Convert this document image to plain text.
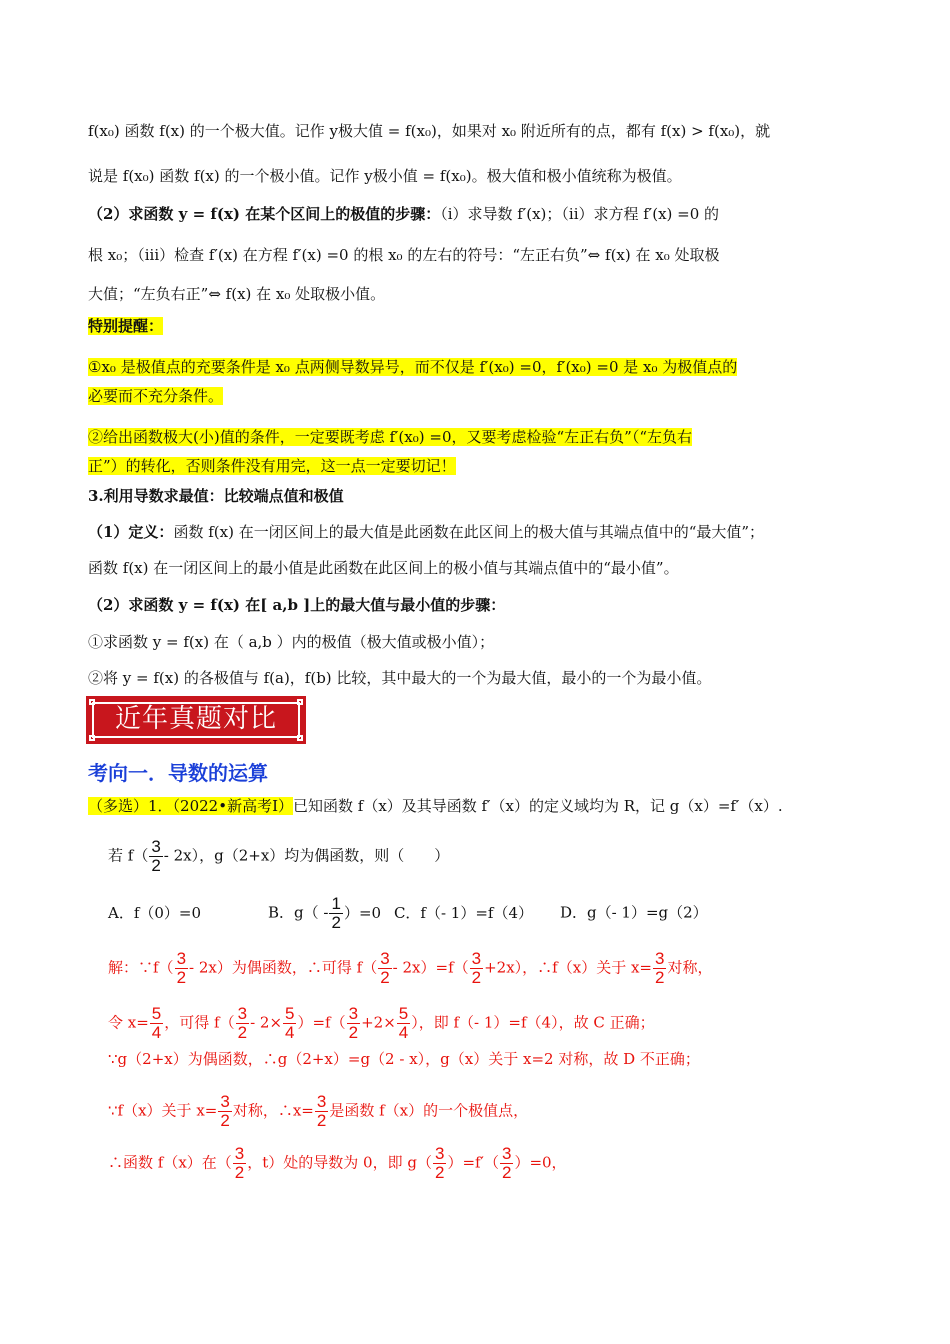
f(x₀) 函数 f(x) 的一个极大值。记作 y极大值 = f(x₀)，如果对 x₀ 附近所有的点，都有 f(x) > f(x₀)，就
说是 f(x₀) 函数 f(x) 的一个极小值。记作 y极小值 = f(x₀)。极大值和极小值统称为极值。
（2）求函数 y = f(x) 在某个区间上的极值的步骤：（i）求导数 f′(x)；（ii）求方程 f′(x) =0 的
根 x₀；（iii）检查 f′(x) 在方程 f′(x) =0 的根 x₀ 的左右的符号：“左正右负”⇔ f(x) 在 x₀ 处取极
大值；“左负右正”⇔ f(x) 在 x₀ 处取极小值。
特别提醒：
①x₀ 是极值点的充要条件是 x₀ 点两侧导数异号，而不仅是 f′(x₀) =0，f′(x₀) =0 是 x₀ 为极值点的
必要而不充分条件。
②给出函数极大(小)值的条件，一定要既考虑 f′(x₀) =0，又要考虑检验“左正右负”（“左负右
正”）的转化，否则条件没有用完，这一点一定要切记！
3.利用导数求最值：比较端点值和极值
（1）定义：函数 f(x) 在一闭区间上的最大值是此函数在此区间上的极大值与其端点值中的“最大值”；
函数 f(x) 在一闭区间上的最小值是此函数在此区间上的极小值与其端点值中的“最小值”。
（2）求函数 y = f(x) 在[ a,b ]上的最大值与最小值的步骤：
①求函数 y = f(x) 在（ a,b ）内的极值（极大值或极小值）；
②将 y = f(x) 的各极值与 f(a)，f(b) 比较，其中最大的一个为最大值，最小的一个为最小值。
近年真题对比
考向一．导数的运算
（多选）1．（2022•新高考Ⅰ）已知函数 f（x）及其导函数 f′（x）的定义域均为 R，记 g（x）=f′（x）.
若 $f( \frac{3}{2} - 2x)$，g（2+x）均为偶函数，则（　　）
A．f（0）=0	B．$g( - \frac{1}{2} )=0$ C．f（- 1）=f（4） D．g（- 1）=g（2）
解：∵f（ $\frac{3}{2} - 2x$）为偶函数，∴可得 $f( \frac{3}{2} - 2x)=f( \frac{3}{2} +2x)$，∴f（x）关于 $x= \frac{3}{2}$ 对称，
令 $x= \frac{5}{4}$ ，可得 $f( \frac{3}{2} - 2\times \frac{5}{4} )=f( \frac{3}{2} +2\times \frac{5}{4}$ ），即 f（- 1）=f（4），故 C 正确；
∵g（2+x）为偶函数，∴g（2+x）=g（2 - x），g（x）关于 x=2 对称，故 D 不正确；
∵f（x）关于 $x= \frac{3}{2}$ 对称，∴x= $\frac{3}{2}$ 是函数 f（x）的一个极值点，
∴函数 f（x）在（ $\frac{3}{2}$ ，t）处的导数为 0，即 $g( \frac{3}{2} )=f'( \frac{3}{2} )=0$，
